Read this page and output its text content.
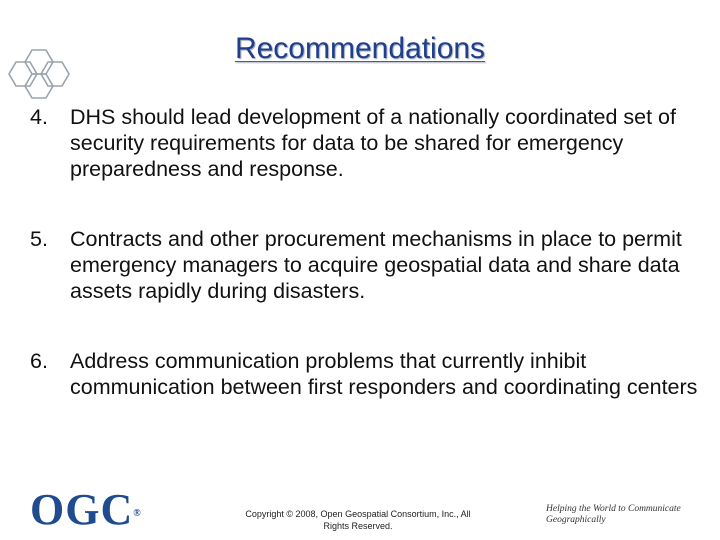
Recommendations
4. DHS should lead development of a nationally coordinated set of security requirements for data to be shared for emergency preparedness and response.
5. Contracts and other procurement mechanisms in place to permit emergency managers to acquire geospatial data and share data assets rapidly during disasters.
6. Address communication problems that currently inhibit communication between first responders and coordinating centers
OGC®	Copyright © 2008, Open Geospatial Consortium, Inc., All Rights Reserved.
Helping the World to Communicate Geographically
